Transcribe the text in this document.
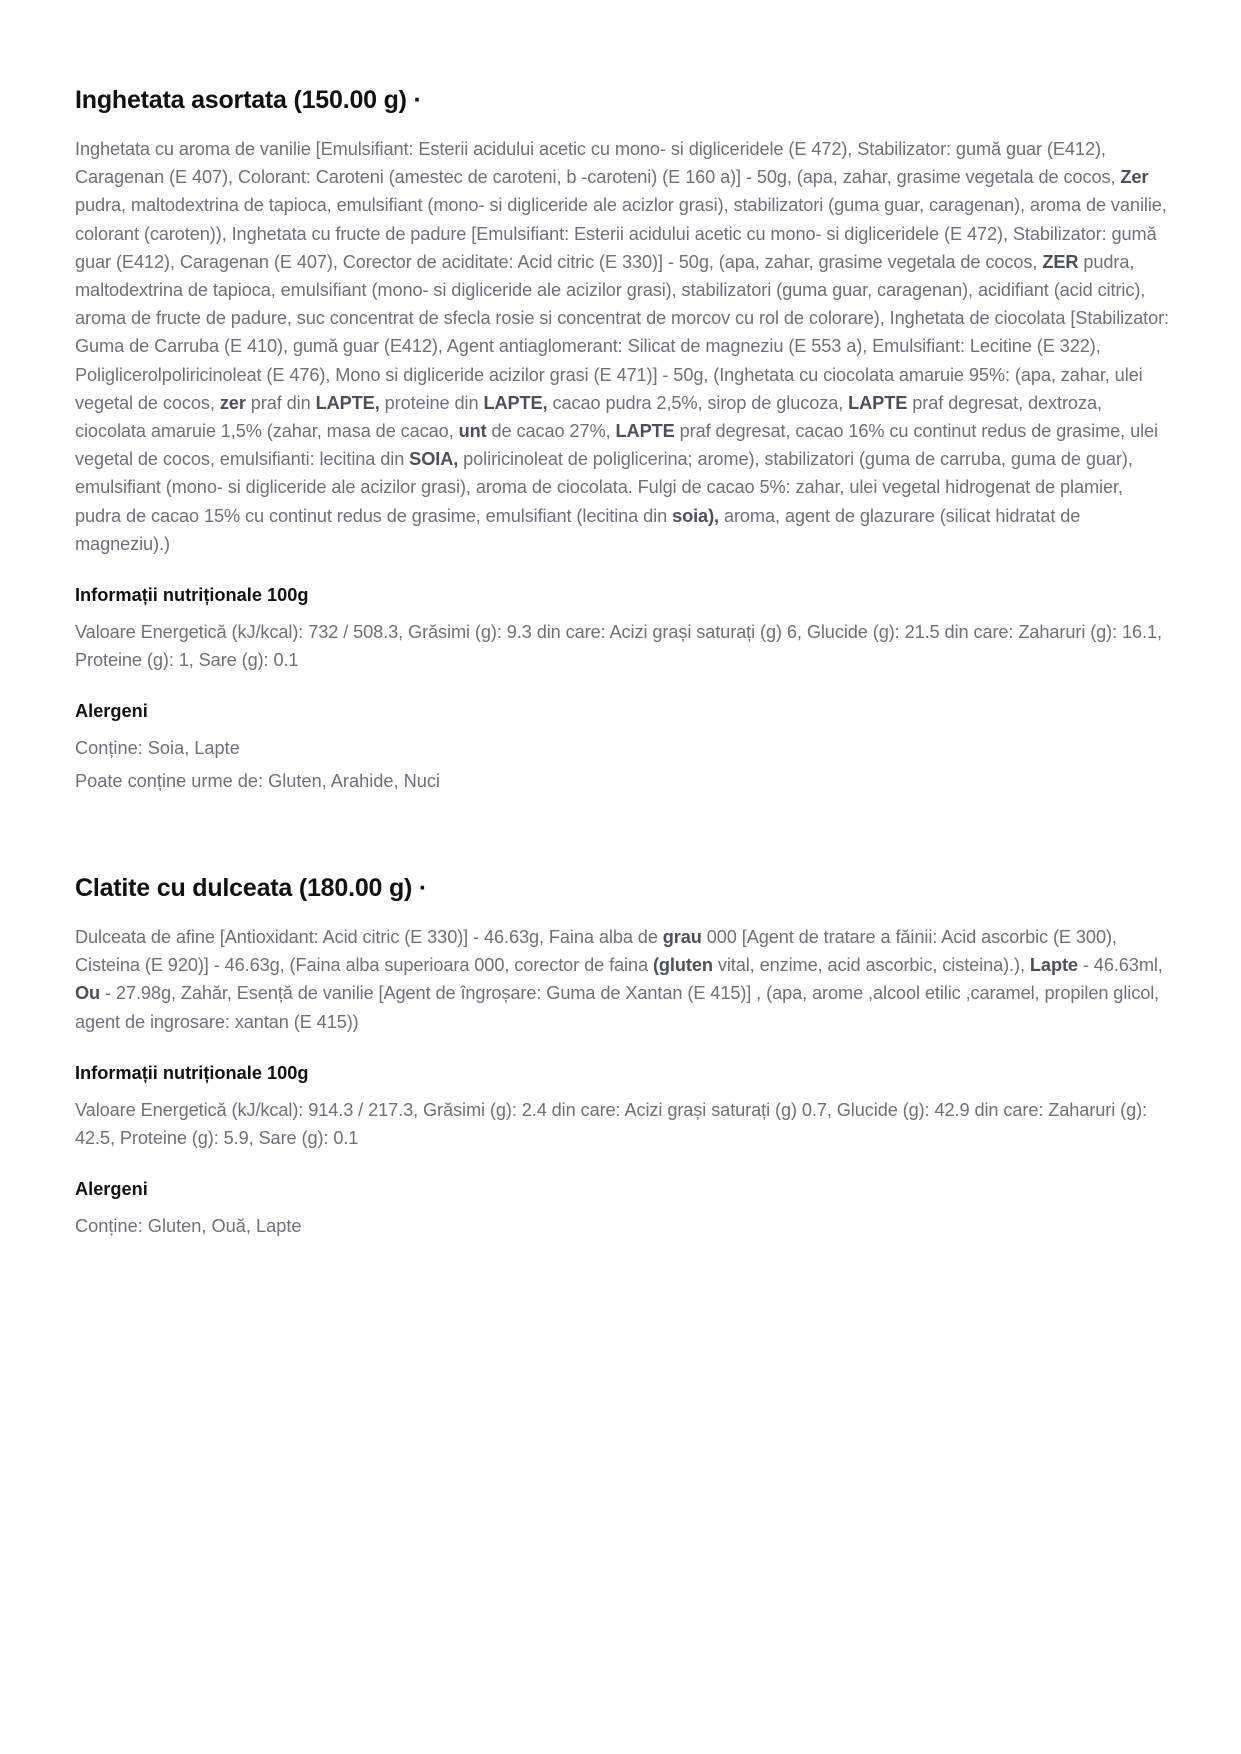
Inghetata asortata (150.00 g) ·

Inghetata cu aroma de vanilie [Emulsifiant: Esterii acidului acetic cu mono- si digliceridele (E 472), Stabilizator: gumă guar (E412), Caragenan (E 407), Colorant: Caroteni (amestec de caroteni, b -caroteni) (E 160 a)] - 50g, (apa, zahar, grasime vegetala de cocos, Zer pudra, maltodextrina de tapioca, emulsifiant (mono- si digliceride ale acizlor grasi), stabilizatori (guma guar, caragenan), aroma de vanilie, colorant (caroten)), Inghetata cu fructe de padure [Emulsifiant: Esterii acidului acetic cu mono- si digliceridele (E 472), Stabilizator: gumă guar (E412), Caragenan (E 407), Corector de aciditate: Acid citric (E 330)] - 50g, (apa, zahar, grasime vegetala de cocos, ZER pudra, maltodextrina de tapioca, emulsifiant (mono- si digliceride ale acizilor grasi), stabilizatori (guma guar, caragenan), acidifiant (acid citric), aroma de fructe de padure, suc concentrat de sfecla rosie si concentrat de morcov cu rol de colorare), Inghetata de ciocolata [Stabilizator: Guma de Carruba (E 410), gumă guar (E412), Agent antiaglomerant: Silicat de magneziu (E 553 a), Emulsifiant: Lecitine (E 322), Poliglicerolpoliricinoleat (E 476), Mono si digliceride acizilor grasi (E 471)] - 50g, (Inghetata cu ciocolata amaruie 95%: (apa, zahar, ulei vegetal de cocos, zer praf din LAPTE, proteine din LAPTE, cacao pudra 2,5%, sirop de glucoza, LAPTE praf degresat, dextroza, ciocolata amaruie 1,5% (zahar, masa de cacao, unt de cacao 27%, LAPTE praf degresat, cacao 16% cu continut redus de grasime, ulei vegetal de cocos, emulsifianti: lecitina din SOIA, poliricinoleat de poliglicerina; arome), stabilizatori (guma de carruba, guma de guar), emulsifiant (mono- si digliceride ale acizilor grasi), aroma de ciocolata. Fulgi de cacao 5%: zahar, ulei vegetal hidrogenat de plamier, pudra de cacao 15% cu continut redus de grasime, emulsifiant (lecitina din soia), aroma, agent de glazurare (silicat hidratat de magneziu).)

Informații nutriționale 100g

Valoare Energetică (kJ/kcal): 732 / 508.3, Grăsimi (g): 9.3 din care: Acizi grași saturați (g) 6, Glucide (g): 21.5 din care: Zaharuri (g): 16.1, Proteine (g): 1, Sare (g): 0.1

Alergeni

Conține: Soia, Lapte

Poate conține urme de: Gluten, Arahide, Nuci

Clatite cu dulceata (180.00 g) ·

Dulceata de afine [Antioxidant: Acid citric (E 330)] - 46.63g, Faina alba de grau 000 [Agent de tratare a făinii: Acid ascorbic (E 300), Cisteina (E 920)] - 46.63g, (Faina alba superioara 000, corector de faina (gluten vital, enzime, acid ascorbic, cisteina).), Lapte - 46.63ml, Ou - 27.98g, Zahăr, Esență de vanilie [Agent de îngroșare: Guma de Xantan (E 415)] , (apa, arome ,alcool etilic ,caramel, propilen glicol, agent de ingrosare: xantan (E 415))

Informații nutriționale 100g

Valoare Energetică (kJ/kcal): 914.3 / 217.3, Grăsimi (g): 2.4 din care: Acizi grași saturați (g) 0.7, Glucide (g): 42.9 din care: Zaharuri (g): 42.5, Proteine (g): 5.9, Sare (g): 0.1

Alergeni

Conține: Gluten, Ouă, Lapte
